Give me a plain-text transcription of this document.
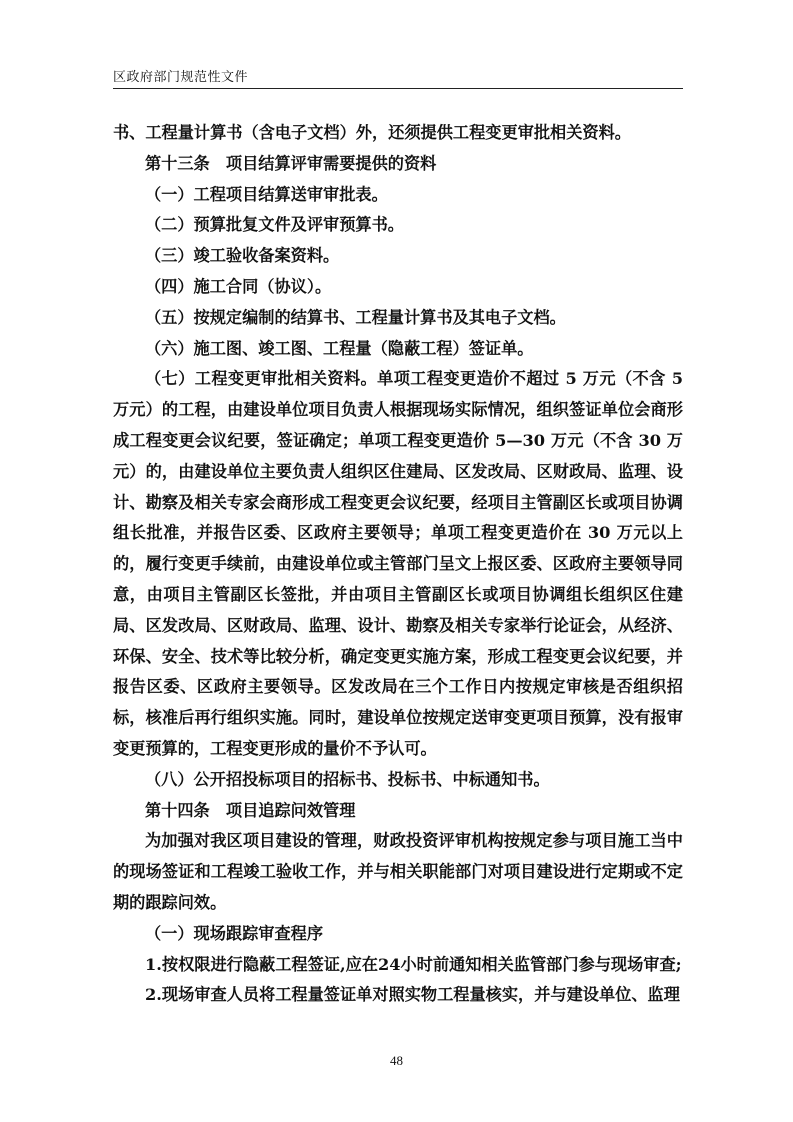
区政府部门规范性文件

书、工程量计算书（含电子文档）外，还须提供工程变更审批相关资料。

第十三条　项目结算评审需要提供的资料

（一）工程项目结算送审审批表。

（二）预算批复文件及评审预算书。

（三）竣工验收备案资料。

（四）施工合同（协议）。

（五）按规定编制的结算书、工程量计算书及其电子文档。

（六）施工图、竣工图、工程量（隐蔽工程）签证单。

（七）工程变更审批相关资料。单项工程变更造价不超过 5 万元（不含 5 万元）的工程，由建设单位项目负责人根据现场实际情况，组织签证单位会商形成工程变更会议纪要，签证确定；单项工程变更造价 5—30 万元（不含 30 万元）的，由建设单位主要负责人组织区住建局、区发改局、区财政局、监理、设计、勘察及相关专家会商形成工程变更会议纪要，经项目主管副区长或项目协调组长批准，并报告区委、区政府主要领导；单项工程变更造价在 30 万元以上的，履行变更手续前，由建设单位或主管部门呈文上报区委、区政府主要领导同意，由项目主管副区长签批，并由项目主管副区长或项目协调组长组织区住建局、区发改局、区财政局、监理、设计、勘察及相关专家举行论证会，从经济、环保、安全、技术等比较分析，确定变更实施方案，形成工程变更会议纪要，并报告区委、区政府主要领导。区发改局在三个工作日内按规定审核是否组织招标，核准后再行组织实施。同时，建设单位按规定送审变更项目预算，没有报审变更预算的，工程变更形成的量价不予认可。

（八）公开招投标项目的招标书、投标书、中标通知书。

第十四条　项目追踪问效管理

为加强对我区项目建设的管理，财政投资评审机构按规定参与项目施工当中的现场签证和工程竣工验收工作，并与相关职能部门对项目建设进行定期或不定期的跟踪问效。

（一）现场跟踪审查程序

1.按权限进行隐蔽工程签证,应在24小时前通知相关监管部门参与现场审查;

2.现场审查人员将工程量签证单对照实物工程量核实，并与建设单位、监理

48
